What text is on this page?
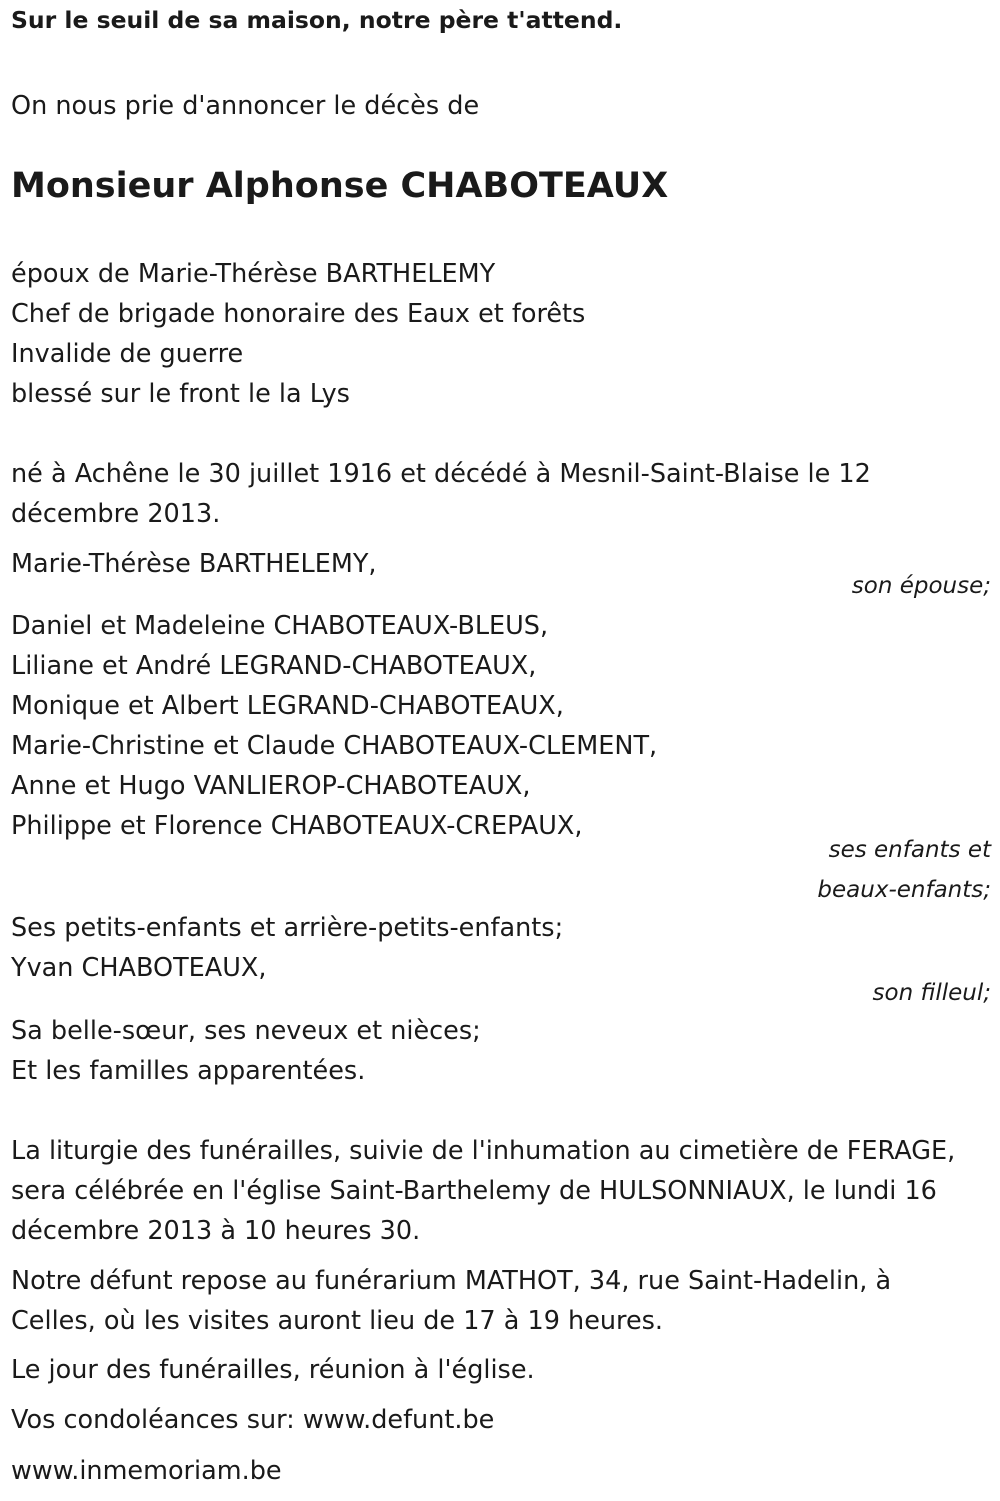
Sur le seuil de sa maison, notre père t'attend.
On nous prie d'annoncer le décès de
Monsieur Alphonse CHABOTEAUX
époux de Marie-Thérèse BARTHELEMY
Chef de brigade honoraire des Eaux et forêts
Invalide de guerre
blessé sur le front le la Lys
né à Achêne le 30 juillet 1916 et décédé à Mesnil-Saint-Blaise le 12
décembre 2013.
Marie-Thérèse BARTHELEMY,
son épouse;
Daniel et Madeleine CHABOTEAUX-BLEUS,
Liliane et André LEGRAND-CHABOTEAUX,
Monique et Albert LEGRAND-CHABOTEAUX,
Marie-Christine et Claude CHABOTEAUX-CLEMENT,
Anne et Hugo VANLIEROP-CHABOTEAUX,
Philippe et Florence CHABOTEAUX-CREPAUX,
ses enfants et
beaux-enfants;
Ses petits-enfants et arrière-petits-enfants;
Yvan CHABOTEAUX,
son filleul;
Sa belle-sœur, ses neveux et nièces;
Et les familles apparentées.
La liturgie des funérailles, suivie de l'inhumation au cimetière de FERAGE,
sera célébrée en l'église Saint-Barthelemy de HULSONNIAUX, le lundi 16
décembre 2013 à 10 heures 30.
Notre défunt repose au funérarium MATHOT, 34, rue Saint-Hadelin, à
Celles, où les visites auront lieu de 17 à 19 heures.
Le jour des funérailles, réunion à l'église.
Vos condoléances sur: www.defunt.be
www.inmemoriam.be
